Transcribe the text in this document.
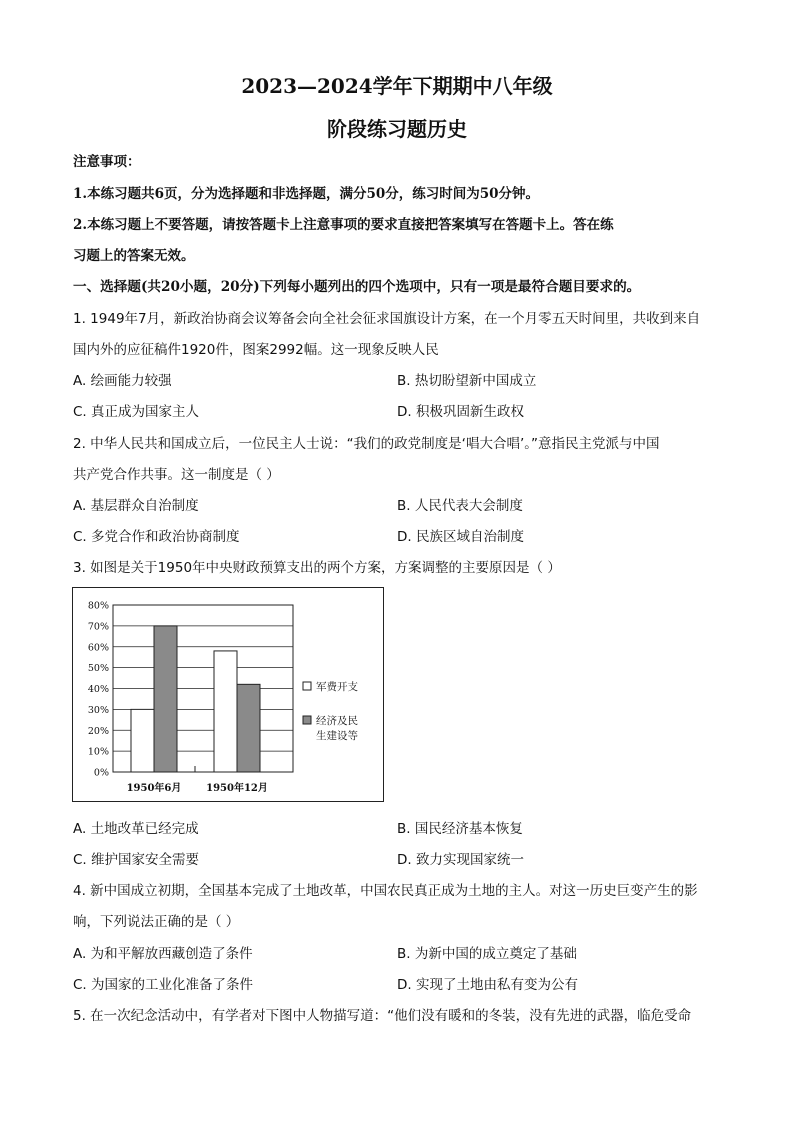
2023—2024学年下期期中八年级
阶段练习题历史
注意事项：
1.本练习题共6页，分为选择题和非选择题，满分50分，练习时间为50分钟。
2.本练习题上不要答题，请按答题卡上注意事项的要求直接把答案填写在答题卡上。答在练
习题上的答案无效。
一、选择题(共20小题，20分)下列每小题列出的四个选项中，只有一项是最符合题目要求的。
1. 1949年7月，新政治协商会议筹备会向全社会征求国旗设计方案，在一个月零五天时间里，共收到来自
国内外的应征稿件1920件，图案2992幅。这一现象反映人民
A. 绘画能力较强	B. 热切盼望新中国成立
C. 真正成为国家主人	D. 积极巩固新生政权
2. 中华人民共和国成立后，一位民主人士说：“我们的政党制度是‘唱大合唱’。”意指民主党派与中国
共产党合作共事。这一制度是（ ）
A. 基层群众自治制度	B. 人民代表大会制度
C. 多党合作和政治协商制度	D. 民族区域自治制度
3. 如图是关于1950年中央财政预算支出的两个方案，方案调整的主要原因是（ ）
0%
10%
20%
30%
40%
50%
60%
70%
80%
1950年6月 1950年12月
军费开支
经济及民
生建设等
A. 土地改革已经完成	B. 国民经济基本恢复
C. 维护国家安全需要	D. 致力实现国家统一
4. 新中国成立初期，全国基本完成了土地改革，中国农民真正成为土地的主人。对这一历史巨变产生的影
响，下列说法正确的是（ ）
A. 为和平解放西藏创造了条件	B. 为新中国的成立奠定了基础
C. 为国家的工业化准备了条件	D. 实现了土地由私有变为公有
5. 在一次纪念活动中，有学者对下图中人物描写道：“他们没有暖和的冬装，没有先进的武器，临危受命
